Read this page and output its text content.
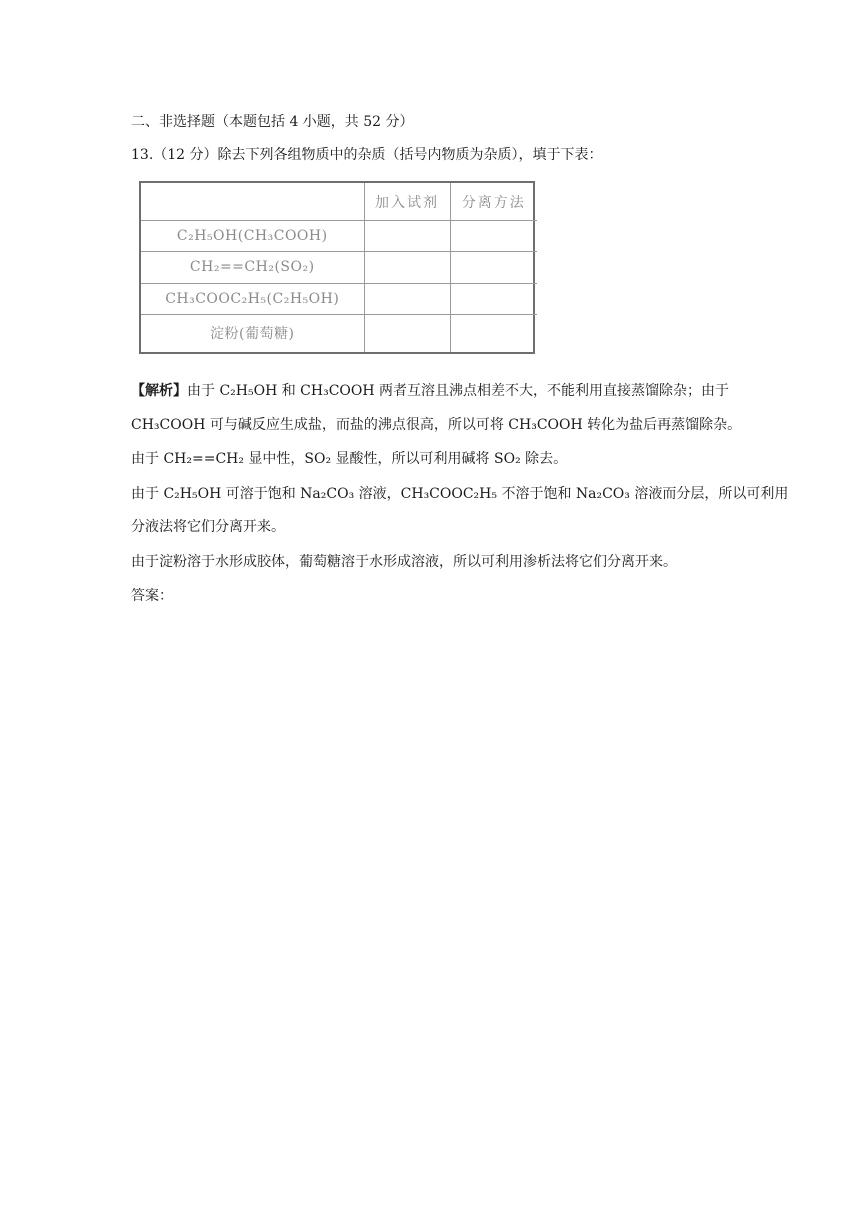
二、非选择题（本题包括 4 小题，共 52 分）
13.（12 分）除去下列各组物质中的杂质（括号内物质为杂质），填于下表：
	加入试剂	分离方法
C₂H₅OH(CH₃COOH)		
CH₂==CH₂(SO₂)		
CH₃COOC₂H₅(C₂H₅OH)		
淀粉(葡萄糖)		
【解析】由于 C₂H₅OH 和 CH₃COOH 两者互溶且沸点相差不大，不能利用直接蒸馏除杂；由于
CH₃COOH 可与碱反应生成盐，而盐的沸点很高，所以可将 CH₃COOH 转化为盐后再蒸馏除杂。
由于 CH₂==CH₂ 显中性，SO₂ 显酸性，所以可利用碱将 SO₂ 除去。
由于 C₂H₅OH 可溶于饱和 Na₂CO₃ 溶液，CH₃COOC₂H₅ 不溶于饱和 Na₂CO₃ 溶液而分层，所以可利用
分液法将它们分离开来。
由于淀粉溶于水形成胶体，葡萄糖溶于水形成溶液，所以可利用渗析法将它们分离开来。
答案：
